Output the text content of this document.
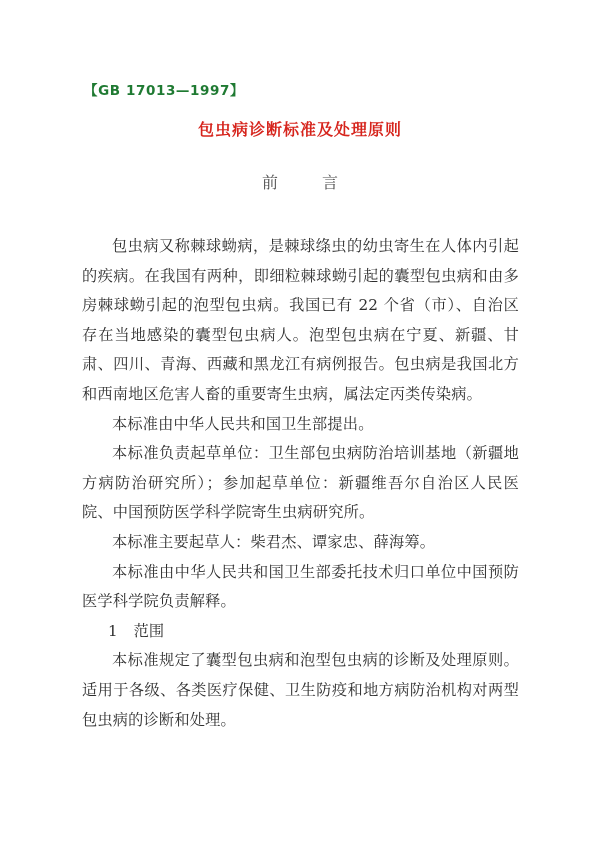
【GB 17013—1997】
包虫病诊断标准及处理原则
前　言

包虫病又称棘球蚴病，是棘球绦虫的幼虫寄生在人体内引起的疾病。在我国有两种，即细粒棘球蚴引起的囊型包虫病和由多房棘球蚴引起的泡型包虫病。我国已有 22 个省（市）、自治区存在当地感染的囊型包虫病人。泡型包虫病在宁夏、新疆、甘肃、四川、青海、西藏和黑龙江有病例报告。包虫病是我国北方和西南地区危害人畜的重要寄生虫病，属法定丙类传染病。

本标准由中华人民共和国卫生部提出。

本标准负责起草单位：卫生部包虫病防治培训基地（新疆地方病防治研究所）；参加起草单位：新疆维吾尔自治区人民医院、中国预防医学科学院寄生虫病研究所。

本标准主要起草人：柴君杰、谭家忠、薛海筹。

本标准由中华人民共和国卫生部委托技术归口单位中国预防医学科学院负责解释。

1 范围

本标准规定了囊型包虫病和泡型包虫病的诊断及处理原则。适用于各级、各类医疗保健、卫生防疫和地方病防治机构对两型包虫病的诊断和处理。
